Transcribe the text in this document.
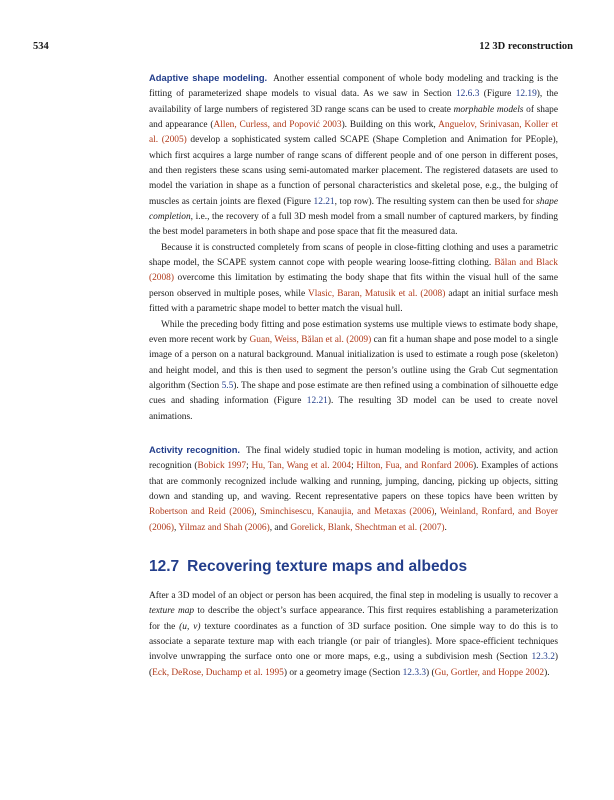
534	12 3D reconstruction

Adaptive shape modeling. Another essential component of whole body modeling and tracking is the fitting of parameterized shape models to visual data. As we saw in Section 12.6.3 (Figure 12.19), the availability of large numbers of registered 3D range scans can be used to create morphable models of shape and appearance (Allen, Curless, and Popović 2003). Building on this work, Anguelov, Srinivasan, Koller et al. (2005) develop a sophisticated system called SCAPE (Shape Completion and Animation for PEople), which first acquires a large number of range scans of different people and of one person in different poses, and then registers these scans using semi-automated marker placement. The registered datasets are used to model the variation in shape as a function of personal characteristics and skeletal pose, e.g., the bulging of muscles as certain joints are flexed (Figure 12.21, top row). The resulting system can then be used for shape completion, i.e., the recovery of a full 3D mesh model from a small number of captured markers, by finding the best model parameters in both shape and pose space that fit the measured data.

Because it is constructed completely from scans of people in close-fitting clothing and uses a parametric shape model, the SCAPE system cannot cope with people wearing loose-fitting clothing. Bălan and Black (2008) overcome this limitation by estimating the body shape that fits within the visual hull of the same person observed in multiple poses, while Vlasic, Baran, Matusik et al. (2008) adapt an initial surface mesh fitted with a parametric shape model to better match the visual hull.

While the preceding body fitting and pose estimation systems use multiple views to estimate body shape, even more recent work by Guan, Weiss, Bălan et al. (2009) can fit a human shape and pose model to a single image of a person on a natural background. Manual initialization is used to estimate a rough pose (skeleton) and height model, and this is then used to segment the person’s outline using the Grab Cut segmentation algorithm (Section 5.5). The shape and pose estimate are then refined using a combination of silhouette edge cues and shading information (Figure 12.21). The resulting 3D model can be used to create novel animations.

Activity recognition. The final widely studied topic in human modeling is motion, activity, and action recognition (Bobick 1997; Hu, Tan, Wang et al. 2004; Hilton, Fua, and Ronfard 2006). Examples of actions that are commonly recognized include walking and running, jumping, dancing, picking up objects, sitting down and standing up, and waving. Recent representative papers on these topics have been written by Robertson and Reid (2006), Sminchisescu, Kanaujia, and Metaxas (2006), Weinland, Ronfard, and Boyer (2006), Yilmaz and Shah (2006), and Gorelick, Blank, Shechtman et al. (2007).

12.7 Recovering texture maps and albedos

After a 3D model of an object or person has been acquired, the final step in modeling is usually to recover a texture map to describe the object’s surface appearance. This first requires establishing a parameterization for the (u, v) texture coordinates as a function of 3D surface position. One simple way to do this is to associate a separate texture map with each triangle (or pair of triangles). More space-efficient techniques involve unwrapping the surface onto one or more maps, e.g., using a subdivision mesh (Section 12.3.2) (Eck, DeRose, Duchamp et al. 1995) or a geometry image (Section 12.3.3) (Gu, Gortler, and Hoppe 2002).
